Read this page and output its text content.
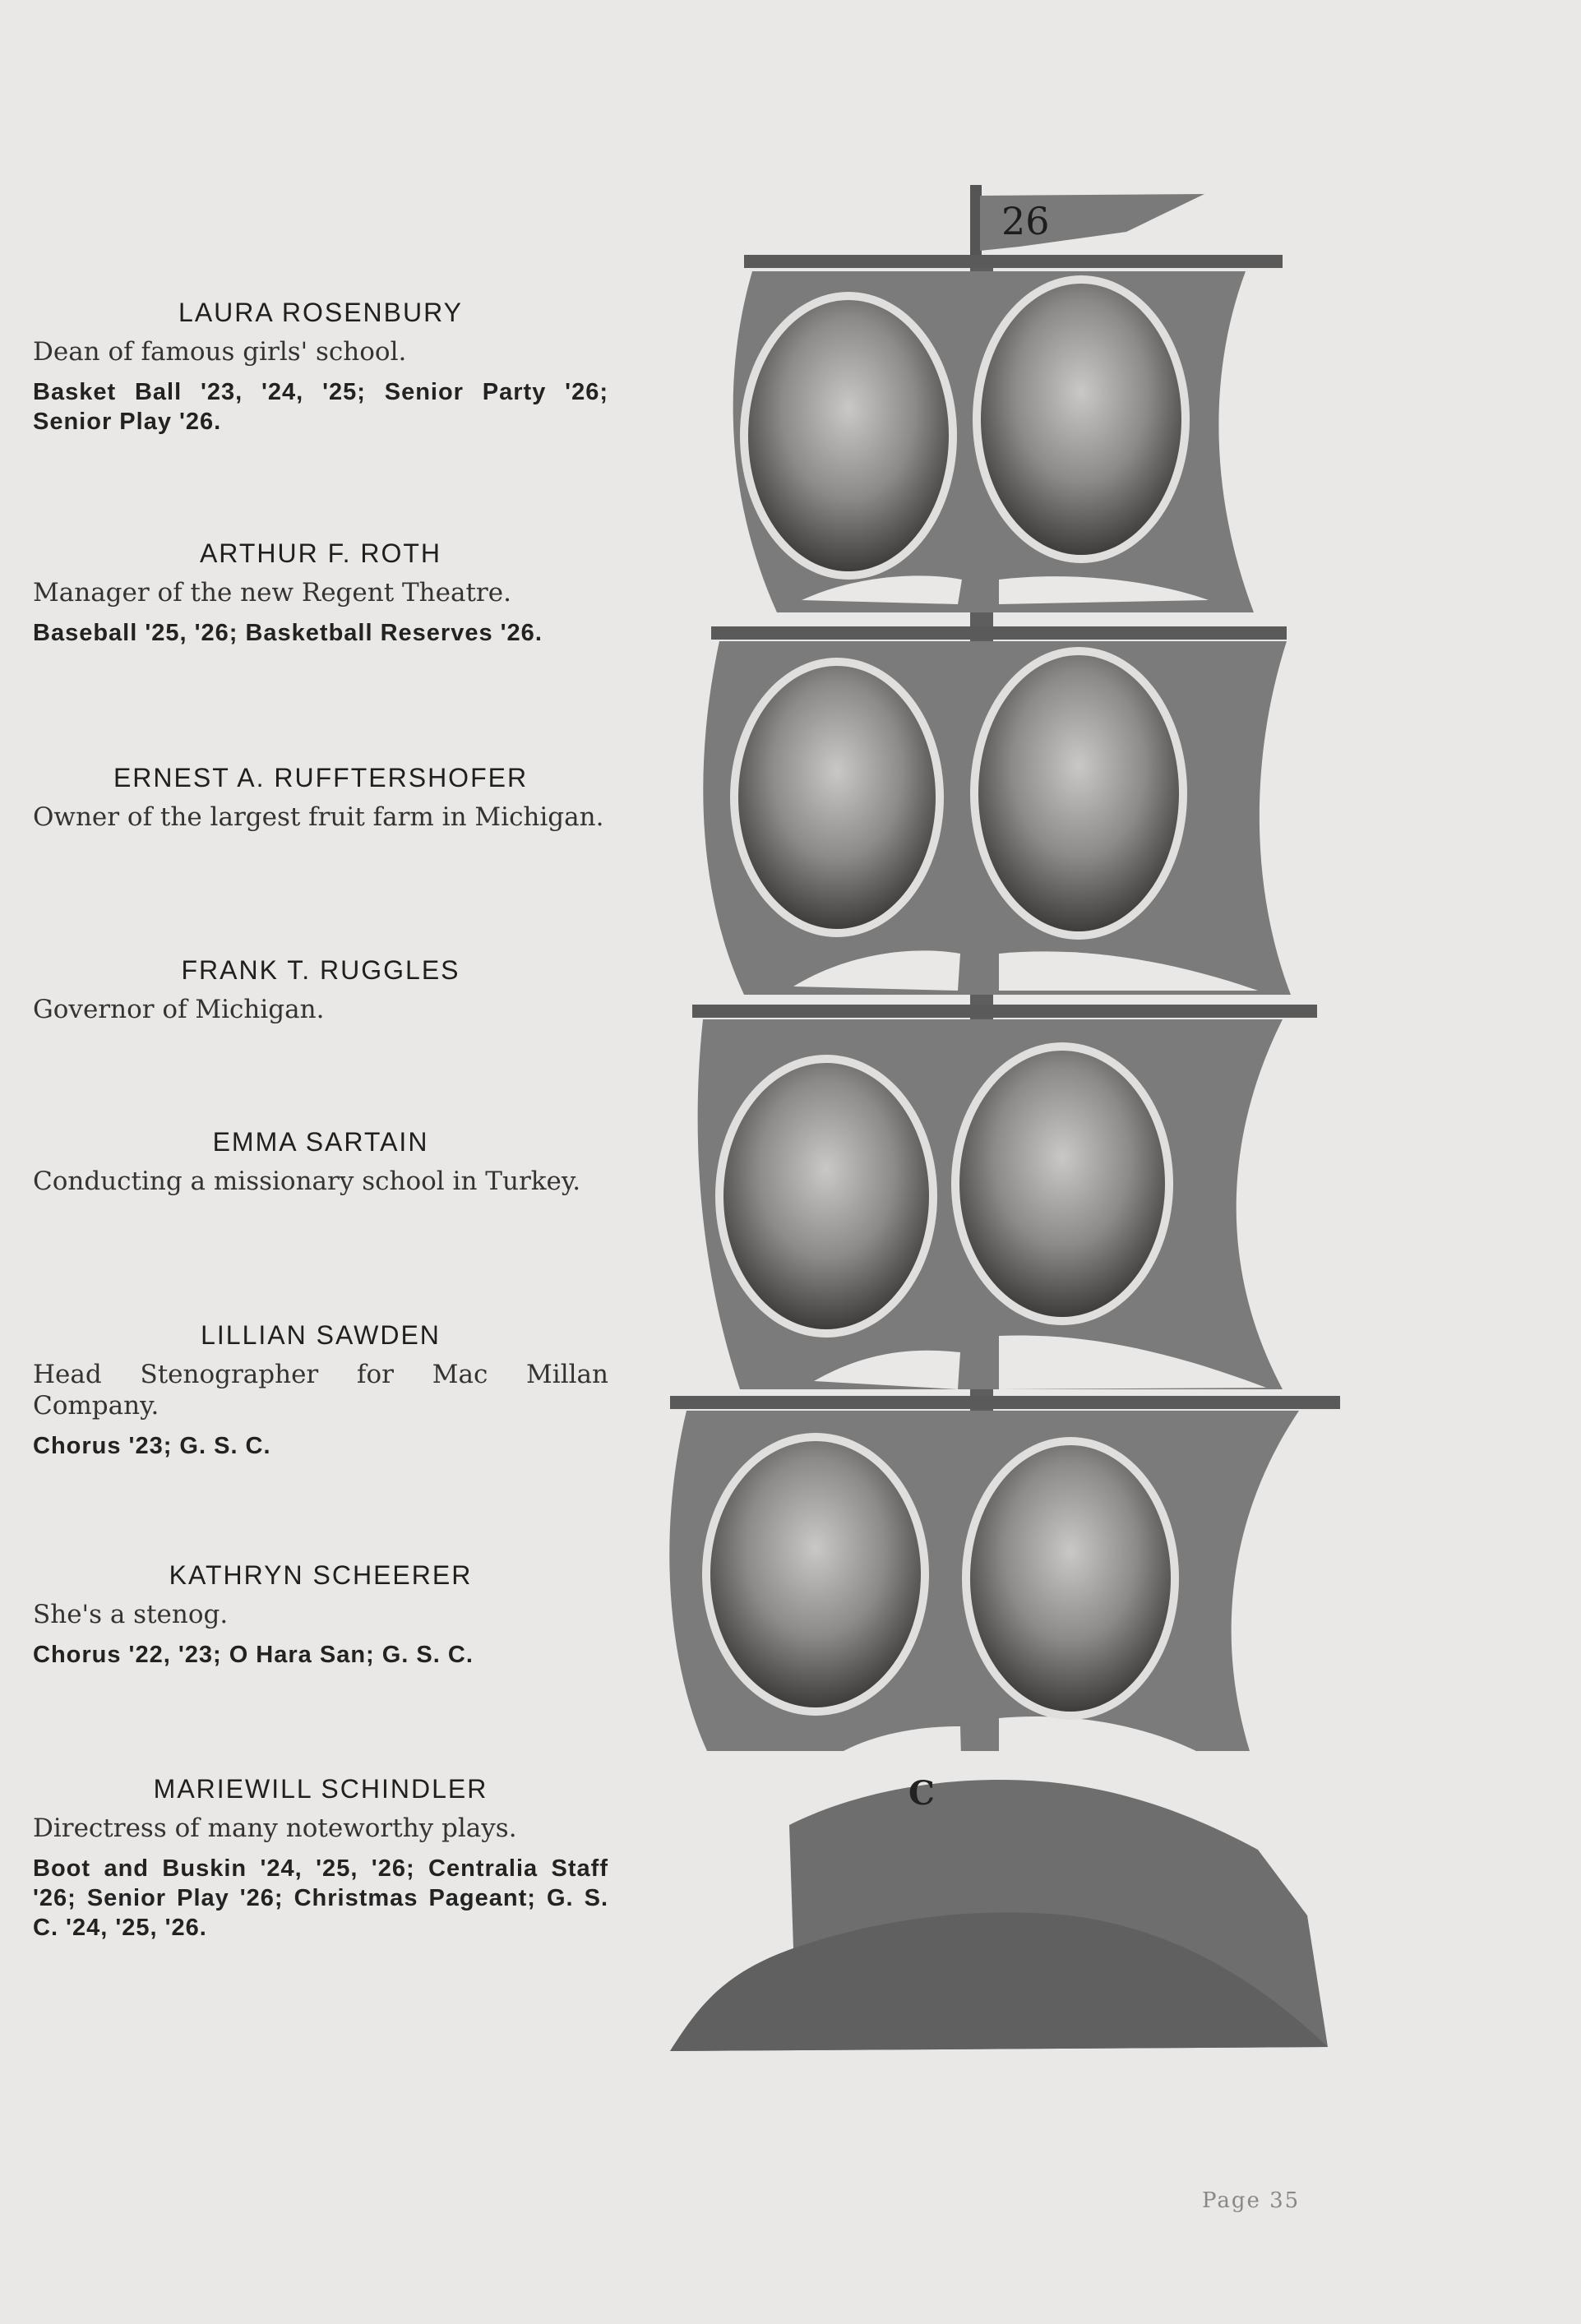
LAURA ROSENBURY

Dean of famous girls' school.

Basket Ball '23, '24, '25; Senior Party '26; Senior Play '26.

ARTHUR F. ROTH

Manager of the new Regent Theatre.

Baseball '25, '26; Basketball Reserves '26.

ERNEST A. RUFFTERSHOFER

Owner of the largest fruit farm in Michigan.

FRANK T. RUGGLES

Governor of Michigan.

EMMA SARTAIN

Conducting a missionary school in Turkey.

LILLIAN SAWDEN

Head Stenographer for Mac Millan Company.

Chorus '23; G. S. C.

KATHRYN SCHEERER

She's a stenog.

Chorus '22, '23; O Hara San; G. S. C.

MARIEWILL SCHINDLER

Directress of many noteworthy plays.

Boot and Buskin '24, '25, '26; Centralia Staff '26; Senior Play '26; Christmas Pageant; G. S. C. '24, '25, '26.

26
C
Page 35
